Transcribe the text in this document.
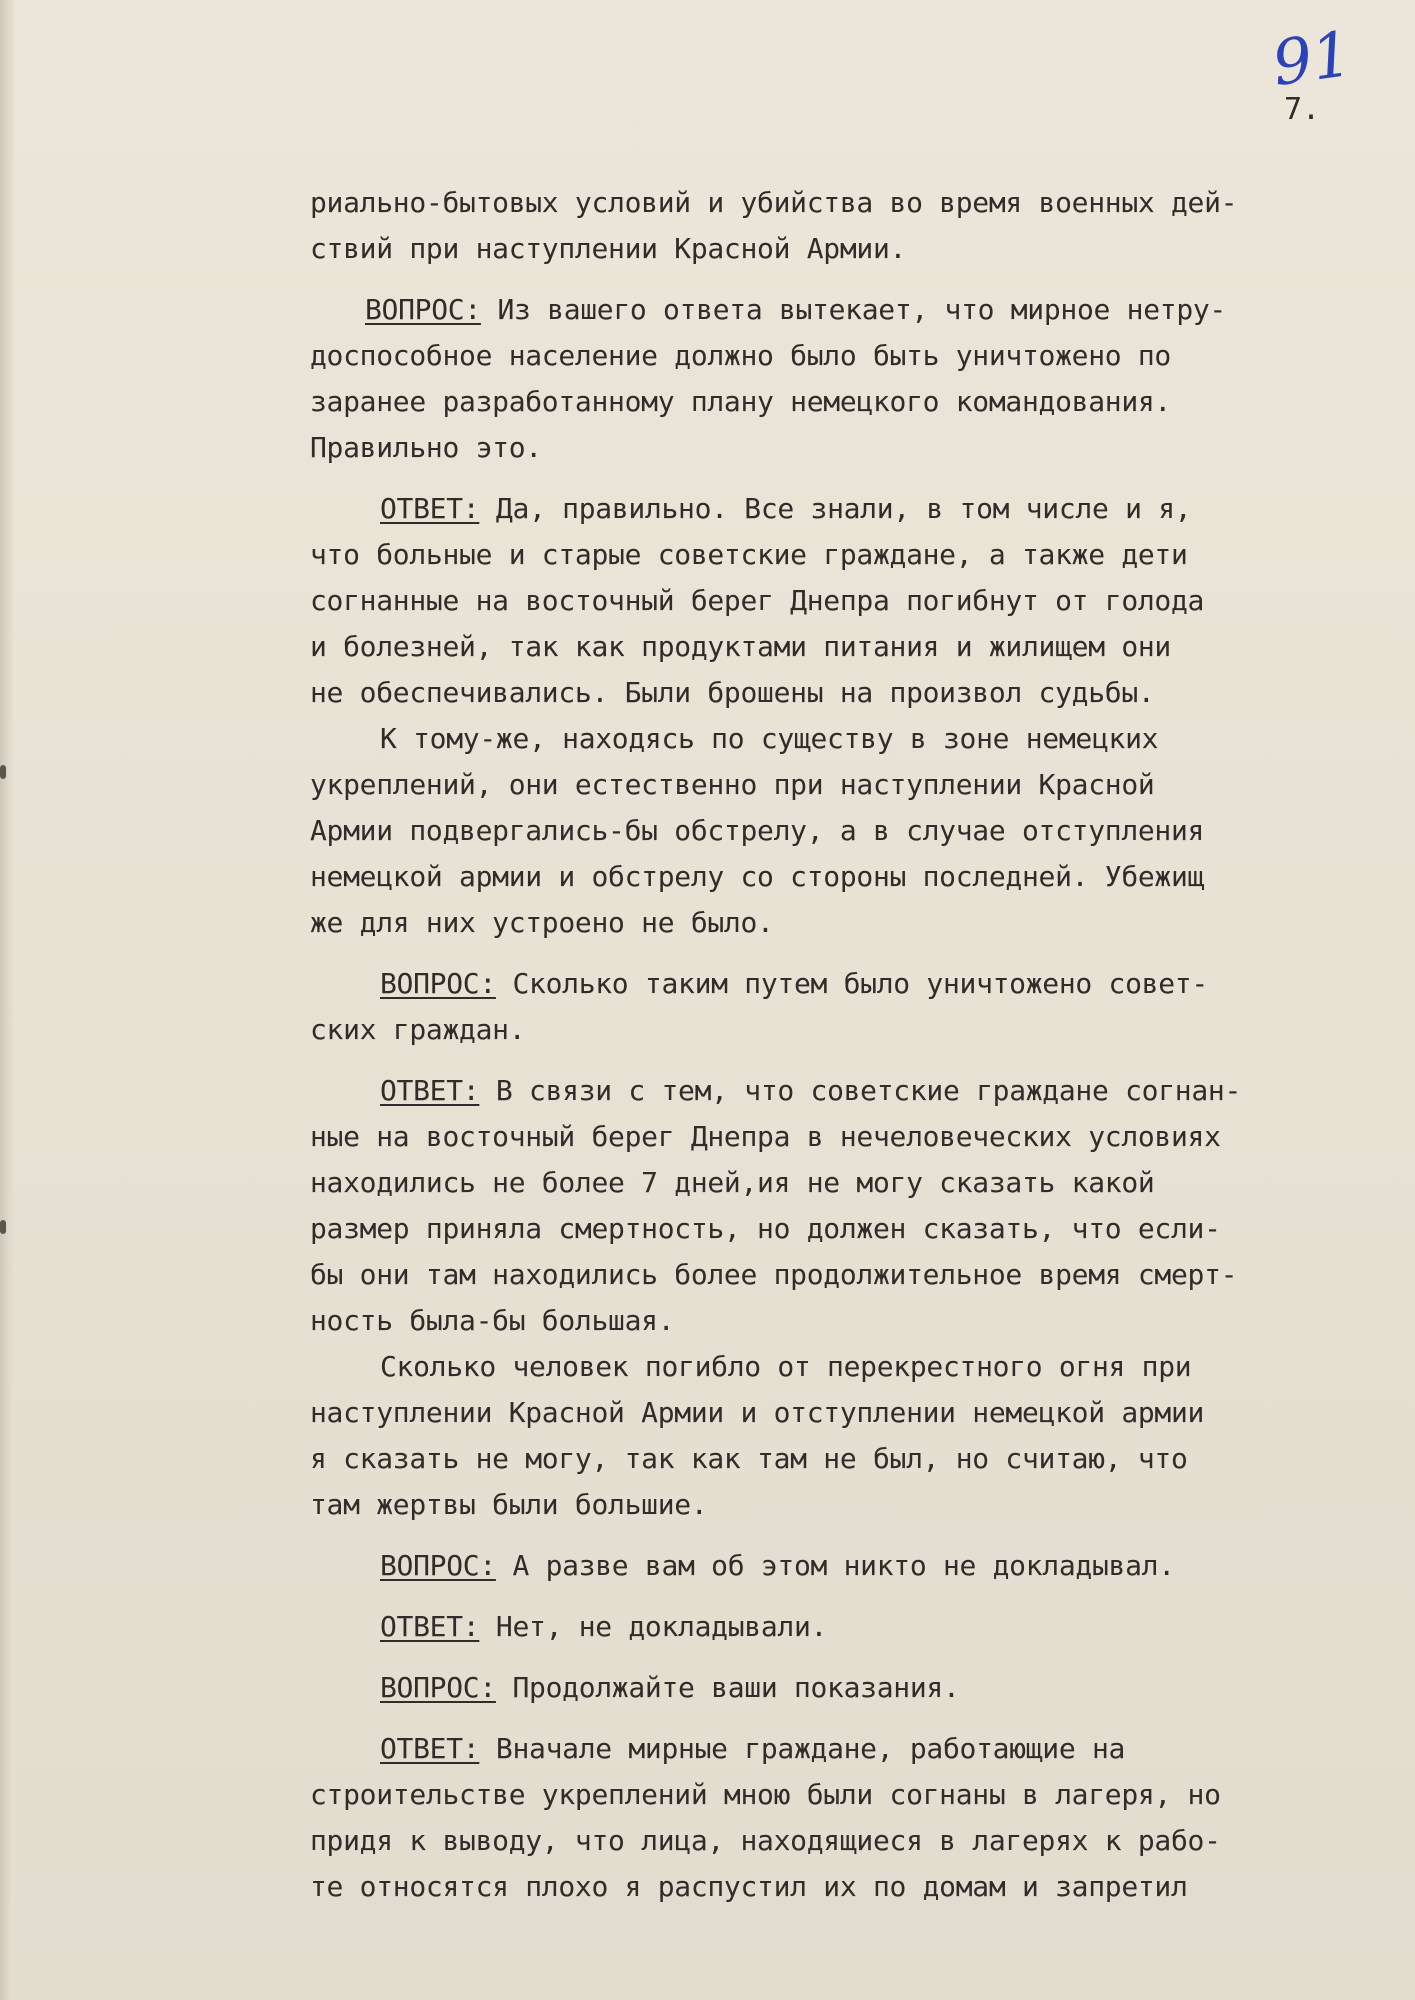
91
7.
риально-бытовых условий и убийства во время военных дей-
ствий при наступлении Красной Армии.
ВОПРОС: Из вашего ответа вытекает, что мирное нетру-
доспособное население должно было быть уничтожено по
заранее разработанному плану немецкого командования.
Правильно это.
ОТВЕТ: Да, правильно. Все знали, в том числе и я,
что больные и старые советские граждане, а также дети
согнанные на восточный берег Днепра погибнут от голода
и болезней, так как продуктами питания и жилищем они
не обеспечивались. Были брошены на произвол судьбы.
К тому-же, находясь по существу в зоне немецких
укреплений, они естественно при наступлении Красной
Армии подвергались-бы обстрелу, а в случае отступления
немецкой армии и обстрелу со стороны последней. Убежищ
же для них устроено не было.
ВОПРОС: Сколько таким путем было уничтожено совет-
ских граждан.
ОТВЕТ: В связи с тем, что советские граждане согнан-
ные на восточный берег Днепра в нечеловеческих условиях
находились не более 7 дней,ия не могу сказать какой
размер приняла смертность, но должен сказать, что если-
бы они там находились более продолжительное время смерт-
ность была-бы большая.
Сколько человек погибло от перекрестного огня при
наступлении Красной Армии и отступлении немецкой армии
я сказать не могу, так как там не был, но считаю, что
там жертвы были большие.
ВОПРОС: А разве вам об этом никто не докладывал.
ОТВЕТ: Нет, не докладывали.
ВОПРОС: Продолжайте ваши показания.
ОТВЕТ: Вначале мирные граждане, работающие на
строительстве укреплений мною были согнаны в лагеря, но
придя к выводу, что лица, находящиеся в лагерях к рабо-
те относятся плохо я распустил их по домам и запретил
